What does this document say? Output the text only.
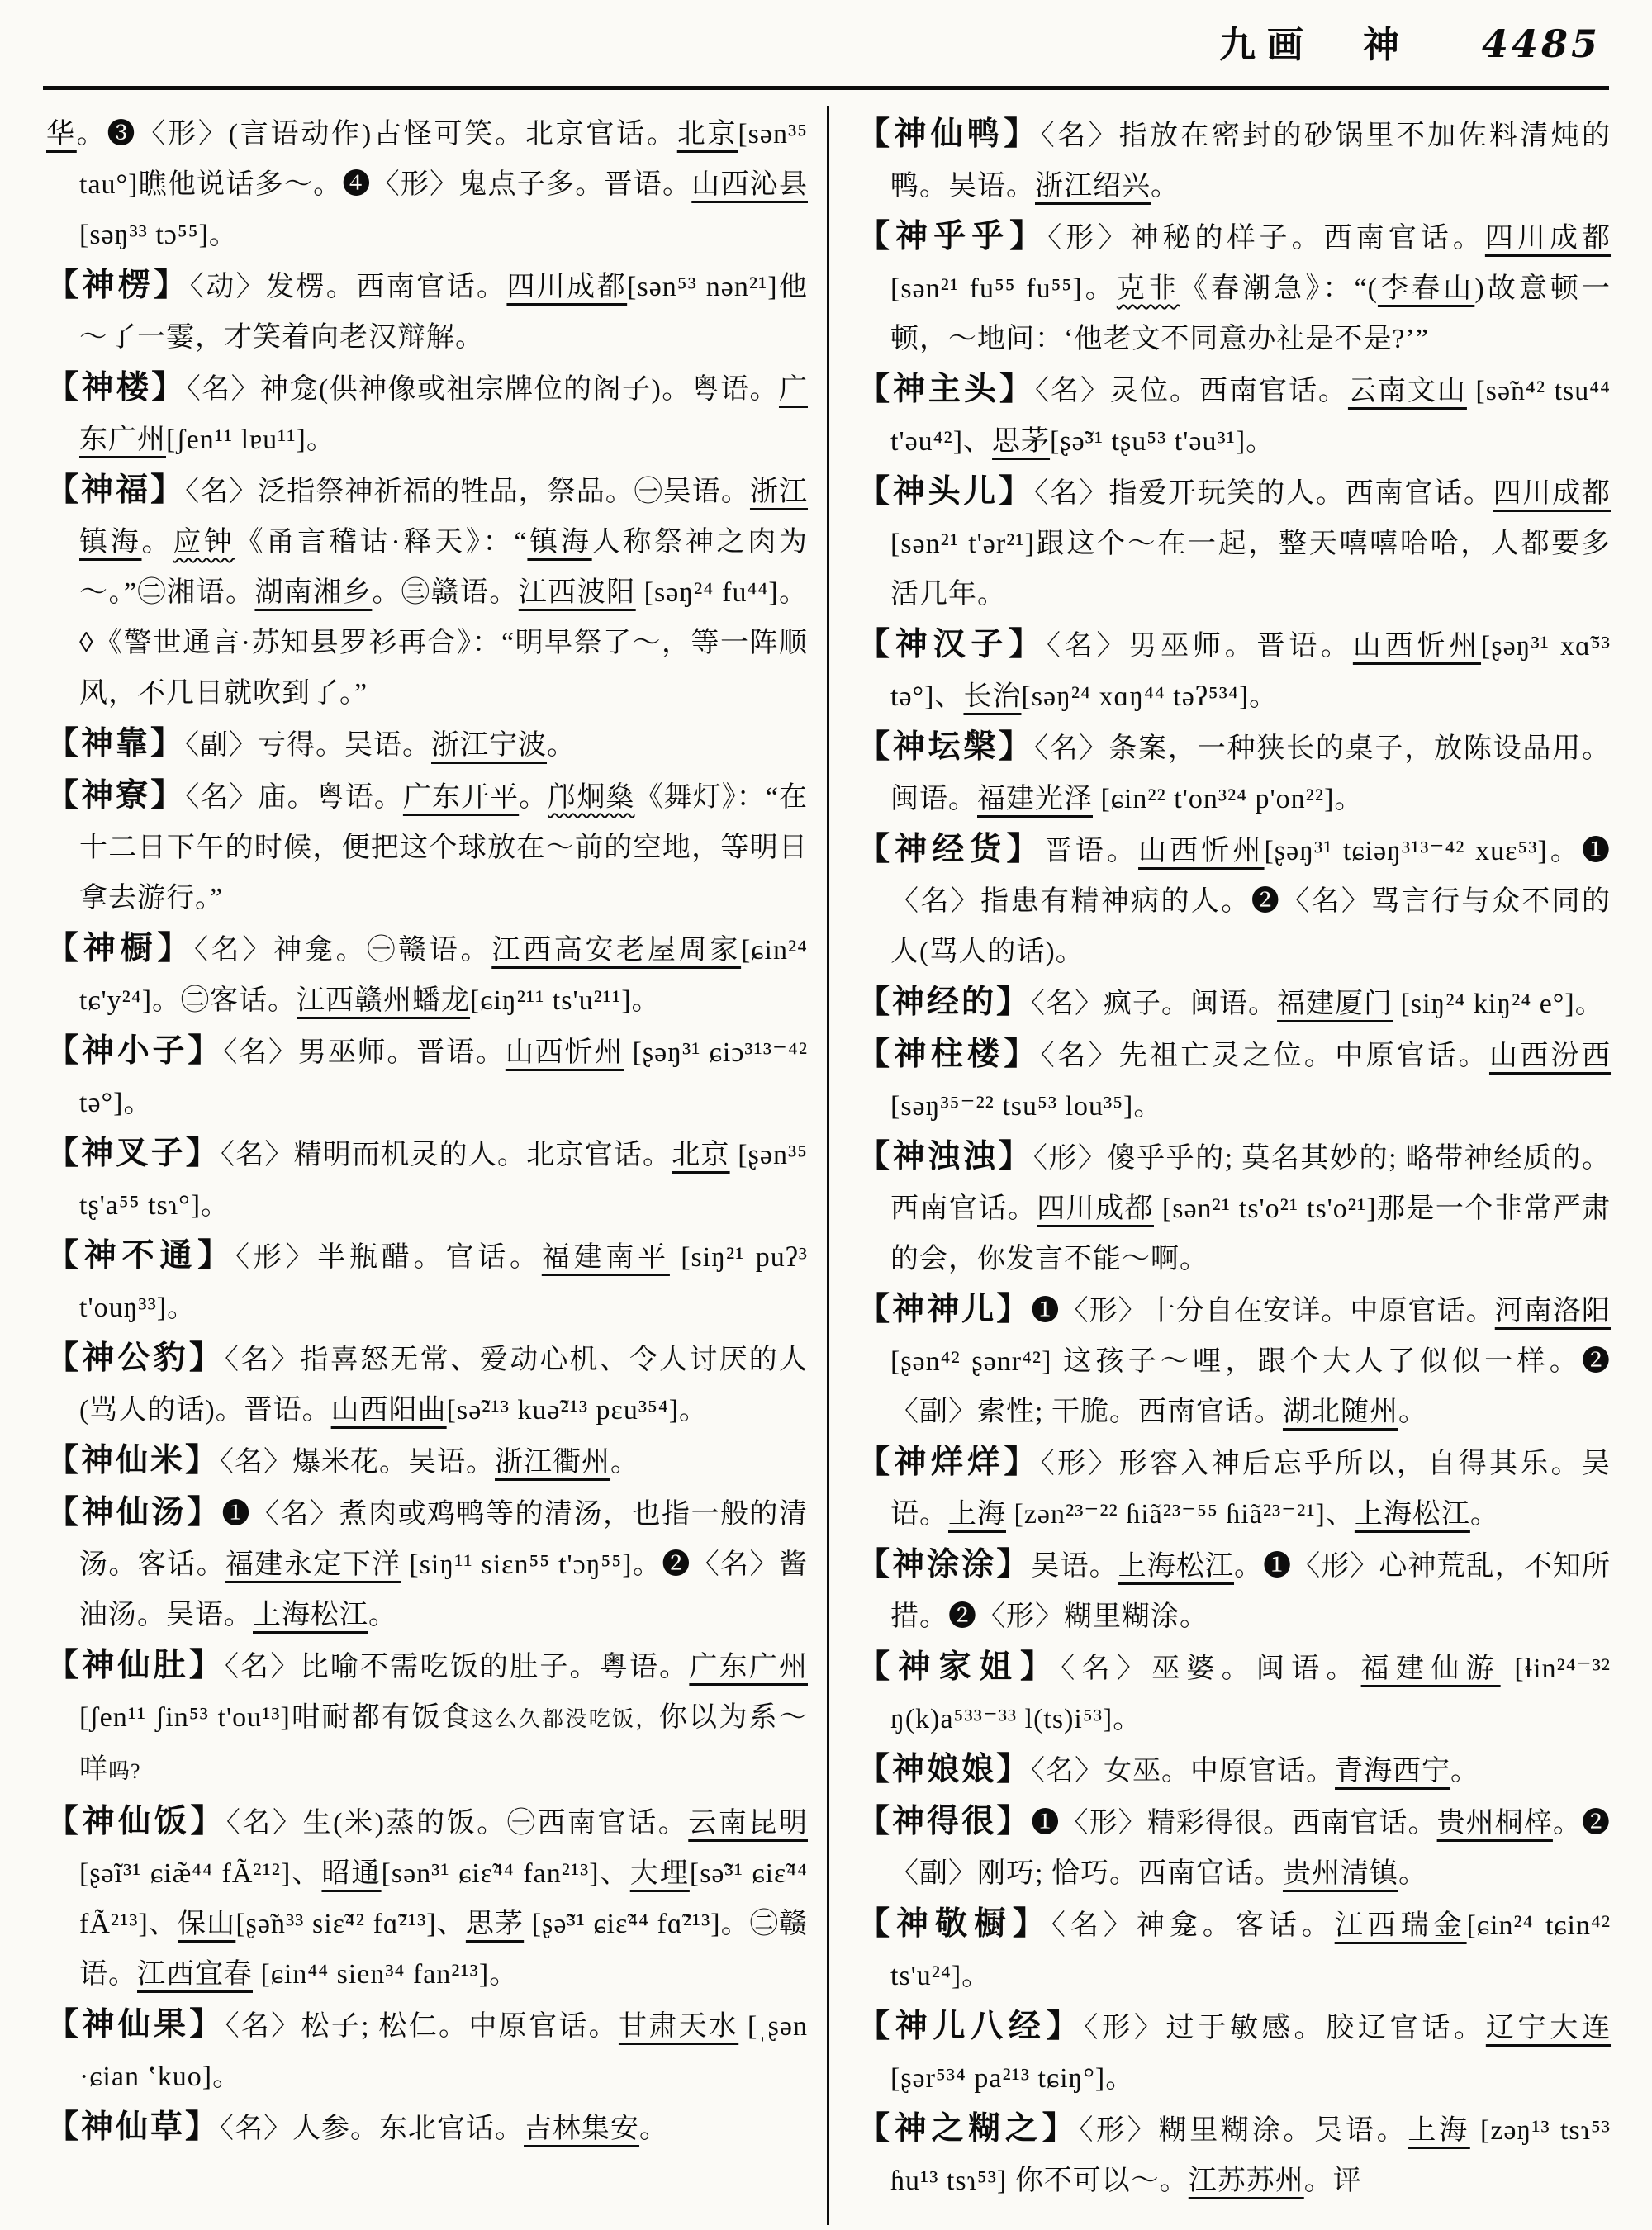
九画　神 4485

华。❸〈形〉(言语动作)古怪可笑。北京官话。北京[sən³⁵ tau°]瞧他说话多～。❹〈形〉鬼点子多。晋语。山西沁县 [səŋ³³ tɔ⁵⁵]。

【神楞】〈动〉发楞。西南官话。四川成都[sən⁵³ nən²¹]他～了一霎，才笑着向老汉辩解。

【神楼】〈名〉神龛(供神像或祖宗牌位的阁子)。粤语。广东广州[ʃen¹¹ lɐu¹¹]。

【神福】〈名〉泛指祭神祈福的牲品，祭品。㊀吴语。浙江镇海。应钟《甬言稽诂·释天》：“镇海人称祭神之肉为～。”㊁湘语。湖南湘乡。㊂赣语。江西波阳 [səŋ²⁴ fu⁴⁴]。◊《警世通言·苏知县罗衫再合》：“明早祭了～，等一阵顺风，不几日就吹到了。”

【神靠】〈副〉亏得。吴语。浙江宁波。

【神寮】〈名〉庙。粤语。广东开平。邝炯燊《舞灯》：“在十二日下午的时候，便把这个球放在～前的空地，等明日拿去游行。”

【神橱】〈名〉神龛。㊀赣语。江西高安老屋周家[ɕin²⁴ tɕ'y²⁴]。㊁客话。江西赣州蟠龙[ɕiŋ²¹¹ ts'u²¹¹]。

【神小子】〈名〉男巫师。晋语。山西忻州 [ʂəŋ³¹ ɕiɔ³¹³⁻⁴² tə°]。

【神叉子】〈名〉精明而机灵的人。北京官话。北京 [ʂən³⁵ tʂ'a⁵⁵ tsɿ°]。

【神不通】〈形〉半瓶醋。官话。福建南平 [siŋ²¹ puʔ³ t'ouŋ³³]。

【神公豹】〈名〉指喜怒无常、爱动心机、令人讨厌的人(骂人的话)。晋语。山西阳曲[sə̃²¹³ kuə̃²¹³ pɛu³⁵⁴]。

【神仙米】〈名〉爆米花。吴语。浙江衢州。

【神仙汤】❶〈名〉煮肉或鸡鸭等的清汤，也指一般的清汤。客话。福建永定下洋 [siŋ¹¹ siɛn⁵⁵ t'ɔŋ⁵⁵]。❷〈名〉酱油汤。吴语。上海松江。

【神仙肚】〈名〉比喻不需吃饭的肚子。粤语。广东广州[ʃen¹¹ ʃin⁵³ t'ou¹³]咁耐都有饭食这么久都没吃饭，你以为系～咩吗?

【神仙饭】〈名〉生(米)蒸的饭。㊀西南官话。云南昆明[ʂə̃ĩ³¹ ɕiæ̃⁴⁴ fÃ²¹²]、昭通[sən³¹ ɕiɛ̃⁴⁴ fan²¹³]、大理[sə̃³¹ ɕiɛ̃⁴⁴ fÃ²¹³]、保山[ʂə̃n³³ siɛ̃⁴² fɑ̃²¹³]、思茅 [ʂə̃³¹ ɕiɛ̃⁴⁴ fɑ̃²¹³]。㊁赣语。江西宜春 [ɕin⁴⁴ sien³⁴ fan²¹³]。

【神仙果】〈名〉松子; 松仁。中原官话。甘肃天水 [ˌʂən ·ɕian ʽkuo]。

【神仙草】〈名〉人参。东北官话。吉林集安。

【神仙鸭】〈名〉指放在密封的砂锅里不加佐料清炖的鸭。吴语。浙江绍兴。

【神乎乎】〈形〉神秘的样子。西南官话。四川成都 [sən²¹ fu⁵⁵ fu⁵⁵]。克非《春潮急》：“(李春山)故意顿一顿，～地问：‘他老文不同意办社是不是?’”

【神主头】〈名〉灵位。西南官话。云南文山 [sə̃n⁴² tsu⁴⁴ t'əu⁴²]、思茅[ʂə̃³¹ tʂu⁵³ t'əu³¹]。

【神头儿】〈名〉指爱开玩笑的人。西南官话。四川成都[sən²¹ t'ər²¹]跟这个～在一起，整天嘻嘻哈哈，人都要多活几年。

【神汉子】〈名〉男巫师。晋语。山西忻州[ʂəŋ³¹ xɑ̃⁵³ tə°]、长治[səŋ²⁴ xɑŋ⁴⁴ təʔ⁵³⁴]。

【神坛槃】〈名〉条案，一种狭长的桌子，放陈设品用。闽语。福建光泽 [ɕin²² t'on³²⁴ p'on²²]。

【神经货】晋语。山西忻州[ʂəŋ³¹ tɕiəŋ³¹³⁻⁴² xuɛ⁵³]。❶〈名〉指患有精神病的人。❷〈名〉骂言行与众不同的人(骂人的话)。

【神经的】〈名〉疯子。闽语。福建厦门 [siŋ²⁴ kiŋ²⁴ e°]。

【神柱楼】〈名〉先祖亡灵之位。中原官话。山西汾西 [səŋ³⁵⁻²² tsu⁵³ lou³⁵]。

【神浊浊】〈形〉傻乎乎的; 莫名其妙的; 略带神经质的。西南官话。四川成都 [sən²¹ ts'o²¹ ts'o²¹]那是一个非常严肃的会，你发言不能～啊。

【神神儿】❶〈形〉十分自在安详。中原官话。河南洛阳[ʂən⁴² ʂənr⁴²] 这孩子～哩，跟个大人了似似一样。❷〈副〉索性; 干脆。西南官话。湖北随州。

【神烊烊】〈形〉形容入神后忘乎所以，自得其乐。吴语。上海 [zən²³⁻²² ɦiã²³⁻⁵⁵ ɦiã²³⁻²¹]、上海松江。

【神涂涂】吴语。上海松江。❶〈形〉心神荒乱，不知所措。❷〈形〉糊里糊涂。

【神家姐】〈名〉巫婆。闽语。福建仙游 [ɬin²⁴⁻³² ŋ(k)a⁵³³⁻³³ l(ts)i⁵³]。

【神娘娘】〈名〉女巫。中原官话。青海西宁。

【神得很】❶〈形〉精彩得很。西南官话。贵州桐梓。❷〈副〉刚巧; 恰巧。西南官话。贵州清镇。

【神敬橱】〈名〉神龛。客话。江西瑞金[ɕin²⁴ tɕin⁴² ts'u²⁴]。

【神儿八经】〈形〉过于敏感。胶辽官话。辽宁大连 [ʂər⁵³⁴ pa²¹³ tɕiŋ°]。

【神之糊之】〈形〉糊里糊涂。吴语。上海 [zəŋ¹³ tsɿ⁵³ ɦu¹³ tsɿ⁵³] 你不可以～。江苏苏州。评
